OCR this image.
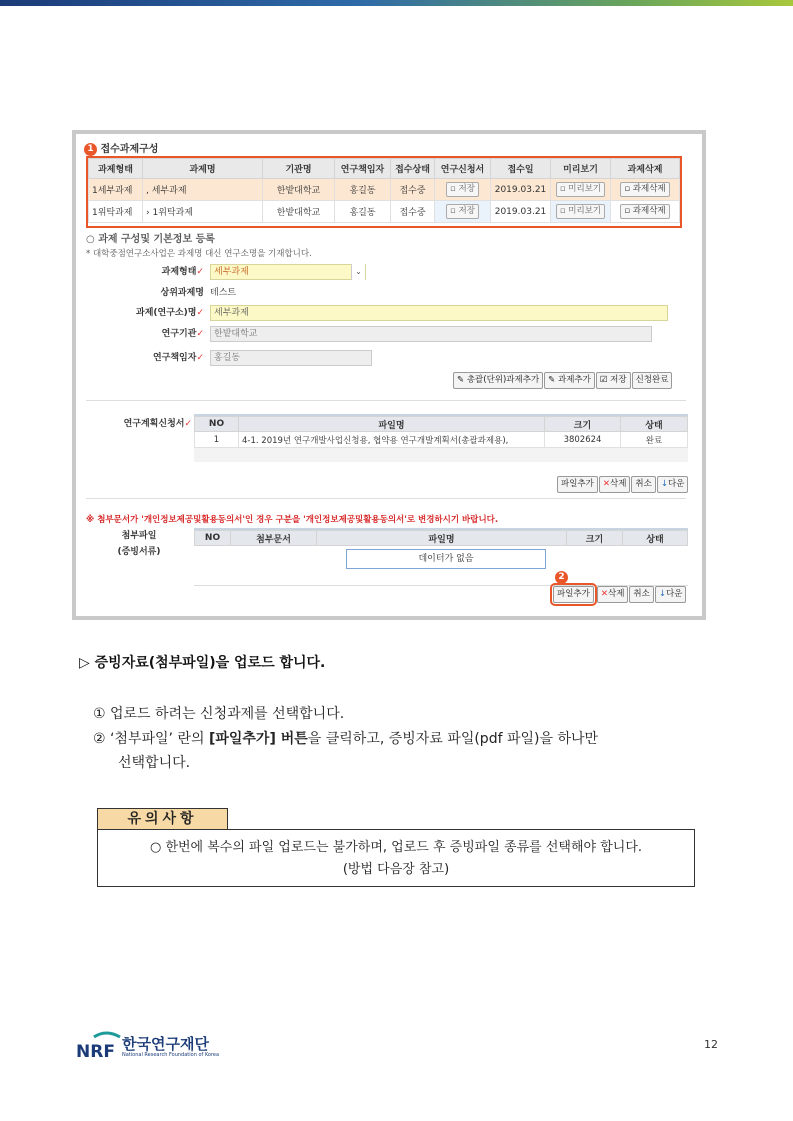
1 접수과제구성
과제형태	과제명	기관명	연구책임자	접수상태	연구신청서	접수일	미리보기	과제삭제
1세부과제	, 세부과제	한밭대학교	홍길동	접수중	▫ 저장	2019.03.21	▫ 미리보기	▫ 과제삭제
1위탁과제	› 1위탁과제	한밭대학교	홍길동	접수중	▫ 저장	2019.03.21	▫ 미리보기	▫ 과제삭제
○ 과제 구성및 기본정보 등록
* 대학중점연구소사업은 과제명 대신 연구소명을 기재합니다.
과제형태✓	세부과제	⌄
상위과제명 테스트
과제(연구소)명✓	세부과제
연구기관✓	한밭대학교
연구책임자✓	홍길동
✎ 총괄(단위)과제추가 ✎ 과제추가 ☑ 저장 신청완료
연구계획신청서✓ NO	파일명	크기	상태
1	4-1. 2019년 연구개발사업신청용, 협약용 연구개발계획서(총괄과제용),	3802624	완료
파일추가 ✕삭제 취소 ↓다운
※ 첨부문서가 '개인정보제공및활용동의서'인 경우 구분을 '개인정보제공및활용동의서'로 변경하시기 바랍니다.
첨부파일
(증빙서류)
NO	첨부문서	파일명	크기	상태
데이터가 없음
2
파일추가 ✕삭제 취소 ↓다운
▷ 증빙자료(첨부파일)을 업로드 합니다.
① 업로드 하려는 신청과제를 선택합니다.
② ‘첨부파일’ 란의 [파일추가] 버튼을 클릭하고, 증빙자료 파일(pdf 파일)을 하나만
선택합니다.
유의사항
○ 한번에 복수의 파일 업로드는 불가하며, 업로드 후 증빙파일 종류를 선택해야 합니다.
(방법 다음장 참고)
NRF 한국연구재단
National Research Foundation of Korea
12
